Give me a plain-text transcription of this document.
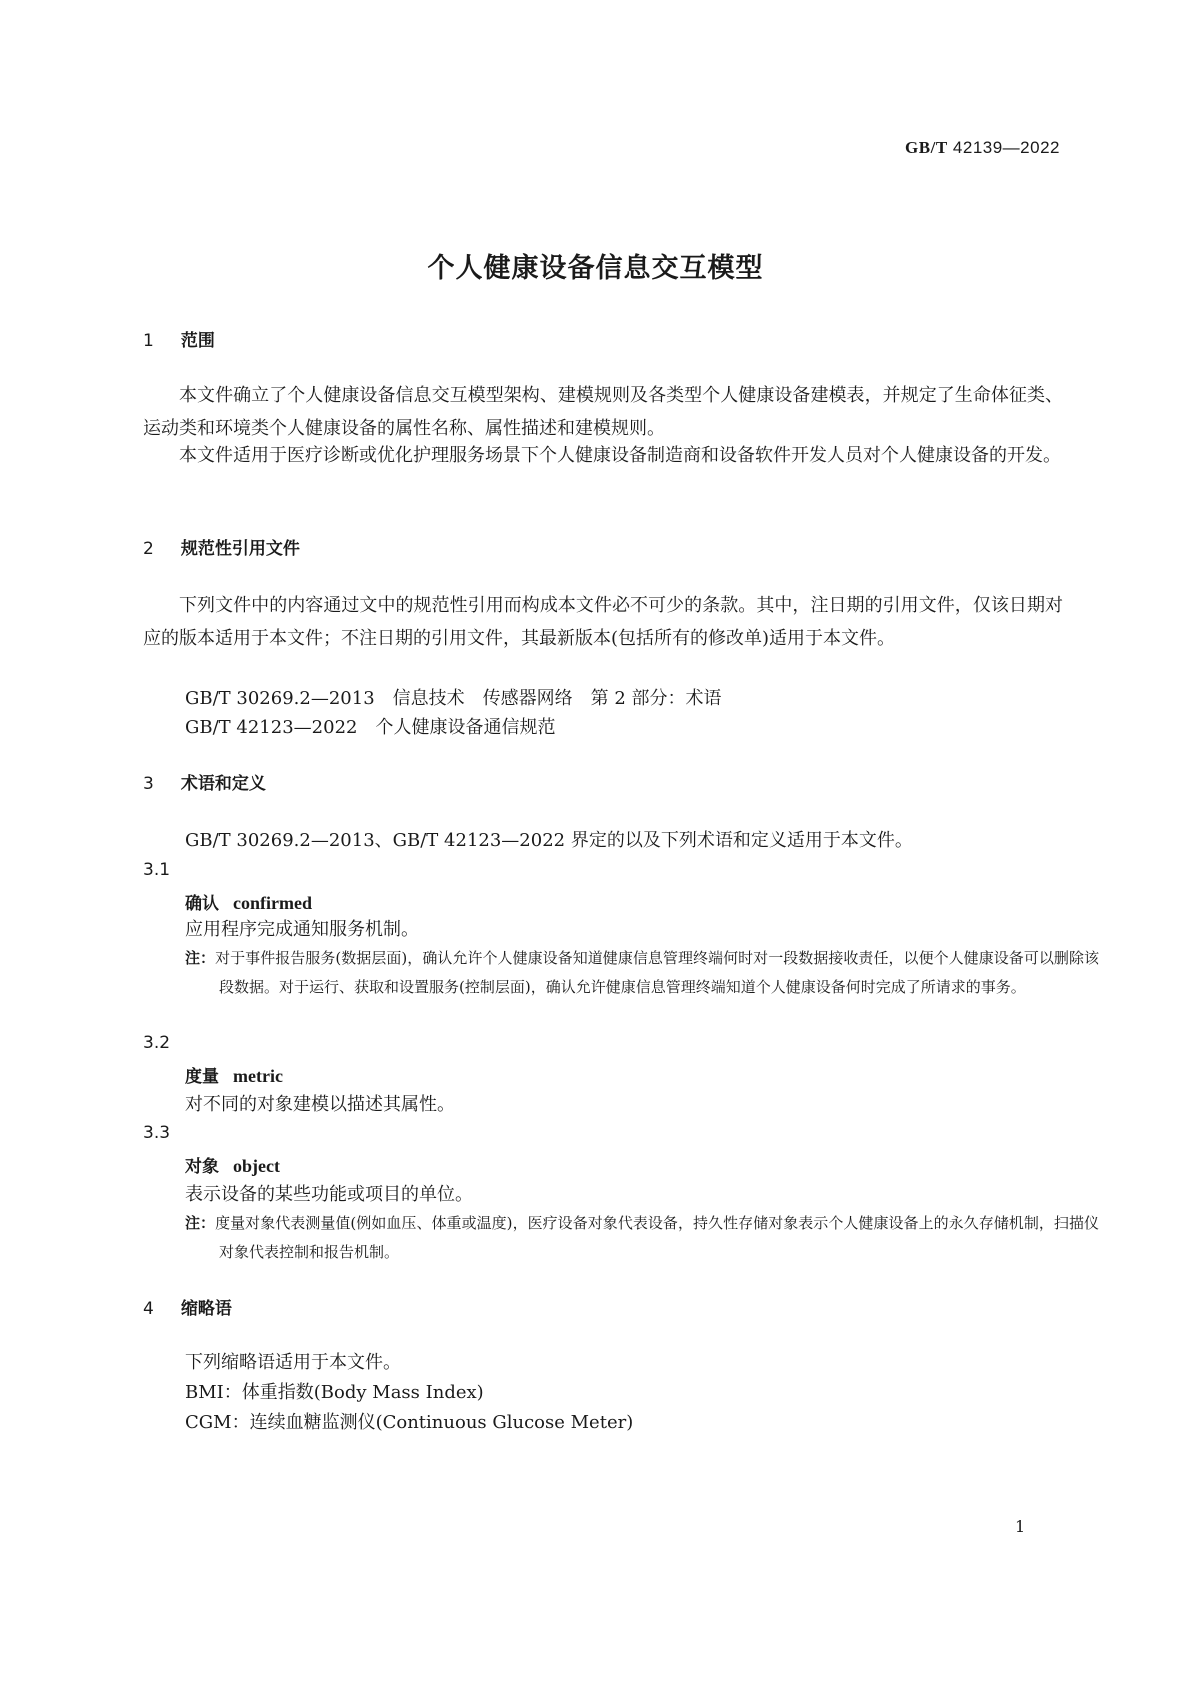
GB/T 42139—2022
个人健康设备信息交互模型
1 范围
本文件确立了个人健康设备信息交互模型架构、建模规则及各类型个人健康设备建模表，并规定了生命体征类、运动类和环境类个人健康设备的属性名称、属性描述和建模规则。
本文件适用于医疗诊断或优化护理服务场景下个人健康设备制造商和设备软件开发人员对个人健康设备的开发。
2 规范性引用文件
下列文件中的内容通过文中的规范性引用而构成本文件必不可少的条款。其中，注日期的引用文件，仅该日期对应的版本适用于本文件；不注日期的引用文件，其最新版本(包括所有的修改单)适用于本文件。
GB/T 30269.2—2013　信息技术　传感器网络　第 2 部分：术语
GB/T 42123—2022　个人健康设备通信规范
3 术语和定义
GB/T 30269.2—2013、GB/T 42123—2022 界定的以及下列术语和定义适用于本文件。
3.1
确认 confirmed
应用程序完成通知服务机制。
注：对于事件报告服务(数据层面)，确认允许个人健康设备知道健康信息管理终端何时对一段数据接收责任，以便个人健康设备可以删除该段数据。对于运行、获取和设置服务(控制层面)，确认允许健康信息管理终端知道个人健康设备何时完成了所请求的事务。
3.2
度量 metric
对不同的对象建模以描述其属性。
3.3
对象 object
表示设备的某些功能或项目的单位。
注：度量对象代表测量值(例如血压、体重或温度)，医疗设备对象代表设备，持久性存储对象表示个人健康设备上的永久存储机制，扫描仪对象代表控制和报告机制。
4 缩略语
下列缩略语适用于本文件。
BMI：体重指数(Body Mass Index)
CGM：连续血糖监测仪(Continuous Glucose Meter)
1
